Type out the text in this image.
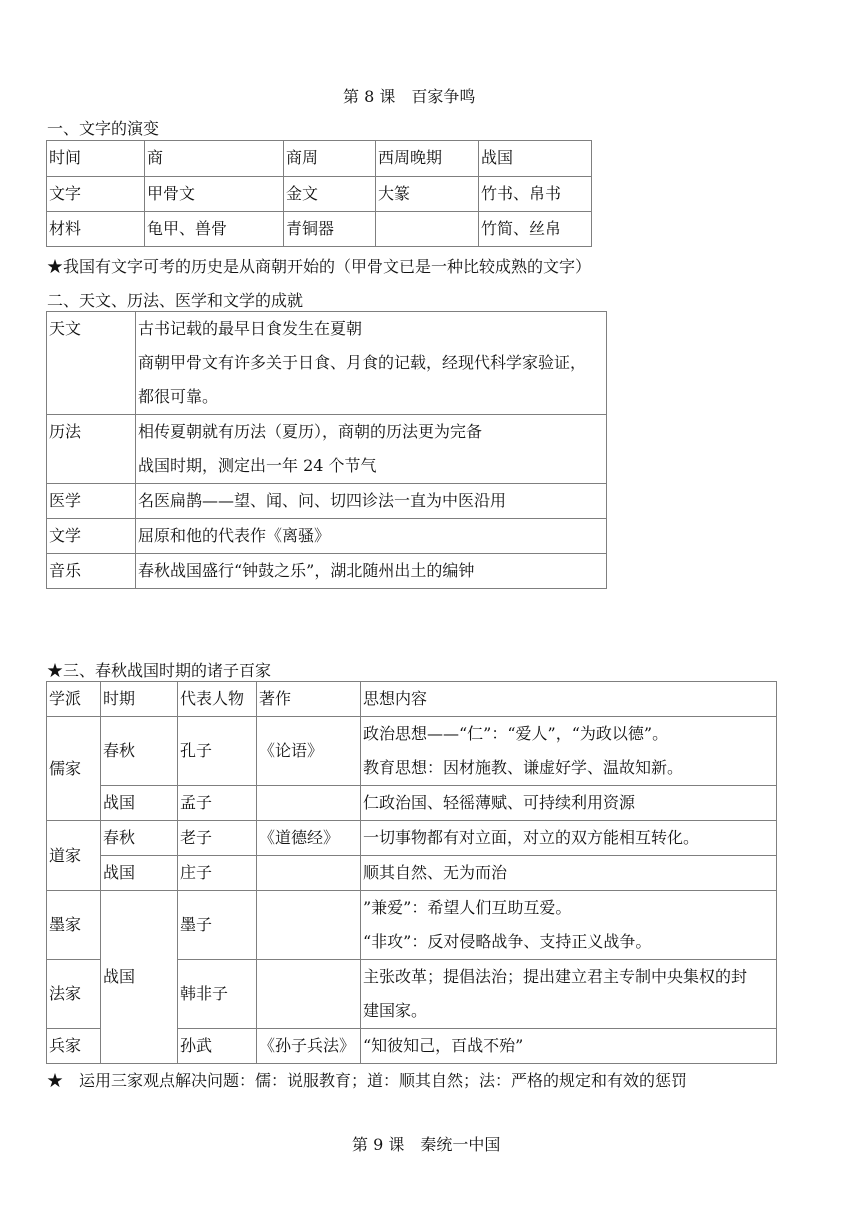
第 8 课　百家争鸣
一、文字的演变
时间	商	商周	西周晚期	战国
文字	甲骨文	金文	大篆	竹书、帛书
材料	龟甲、兽骨	青铜器		竹简、丝帛
★我国有文字可考的历史是从商朝开始的（甲骨文已是一种比较成熟的文字）
二、天文、历法、医学和文学的成就
天文	古书记载的最早日食发生在夏朝
商朝甲骨文有许多关于日食、月食的记载，经现代科学家验证，
都很可靠。

历法	相传夏朝就有历法（夏历），商朝的历法更为完备
战国时期，测定出一年 24 个节气

医学	名医扁鹊——望、闻、问、切四诊法一直为中医沿用

文学	屈原和他的代表作《离骚》

音乐	春秋战国盛行“钟鼓之乐”，湖北随州出土的编钟
★三、春秋战国时期的诸子百家
学派	时期	代表人物	著作	思想内容
儒家	春秋	孔子	《论语》	政治思想——“仁”：“爱人”，“为政以德”。
教育思想：因材施教、谦虚好学、温故知新。

	战国	孟子		仁政治国、轻徭薄赋、可持续利用资源

道家	春秋	老子	《道德经》	一切事物都有对立面，对立的双方能相互转化。

	战国	庄子		顺其自然、无为而治

墨家	战国	墨子		”兼爱”：希望人们互助互爱。
“非攻”：反对侵略战争、支持正义战争。

法家		韩非子		主张改革；提倡法治；提出建立君主专制中央集权的封
建国家。

兵家		孙武	《孙子兵法》	“知彼知己，百战不殆”
★　运用三家观点解决问题：儒：说服教育；道：顺其自然；法：严格的规定和有效的惩罚
第 9 课　秦统一中国
